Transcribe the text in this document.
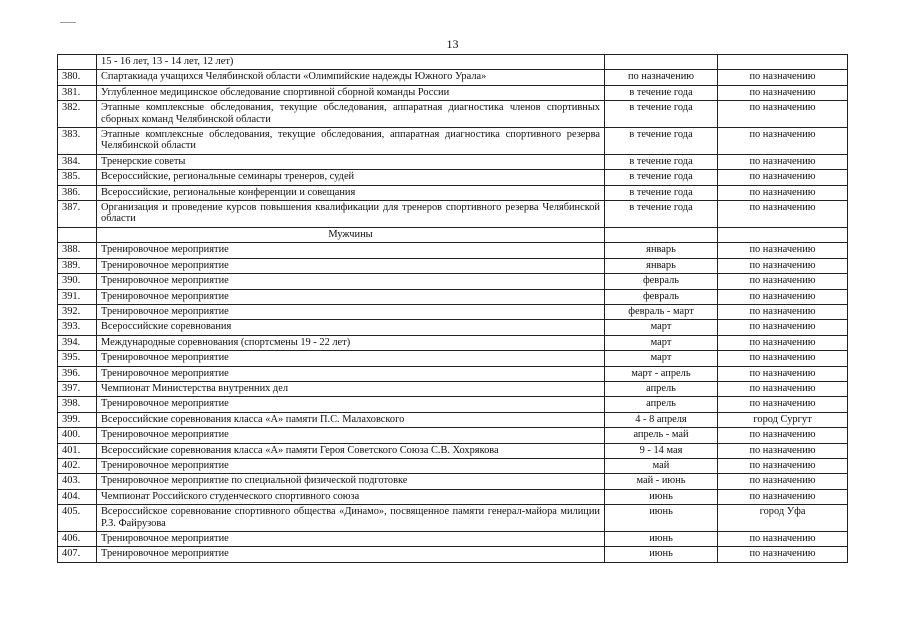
13
	15 - 16 лет, 13 - 14 лет, 12 лет)		
380.	Спартакиада учащихся Челябинской области «Олимпийские надежды Южного Урала»	по назначению	по назначению
381.	Углубленное медицинское обследование спортивной сборной команды России	в течение года	по назначению
382.	Этапные комплексные обследования, текущие обследования, аппаратная диагностика членов спортивных сборных команд Челябинской области	в течение года	по назначению
383.	Этапные комплексные обследования, текущие обследования, аппаратная диагностика спортивного резерва Челябинской области	в течение года	по назначению
384.	Тренерские советы	в течение года	по назначению
385.	Всероссийские, региональные семинары тренеров, судей	в течение года	по назначению
386.	Всероссийские, региональные конференции и совещания	в течение года	по назначению
387.	Организация и проведение курсов повышения квалификации для тренеров спортивного резерва Челябинской области	в течение года	по назначению
	Мужчины		
388.	Тренировочное мероприятие	январь	по назначению
389.	Тренировочное мероприятие	январь	по назначению
390.	Тренировочное мероприятие	февраль	по назначению
391.	Тренировочное мероприятие	февраль	по назначению
392.	Тренировочное мероприятие	февраль - март	по назначению
393.	Всероссийские соревнования	март	по назначению
394.	Международные соревнования (спортсмены 19 - 22 лет)	март	по назначению
395.	Тренировочное мероприятие	март	по назначению
396.	Тренировочное мероприятие	март - апрель	по назначению
397.	Чемпионат Министерства внутренних дел	апрель	по назначению
398.	Тренировочное мероприятие	апрель	по назначению
399.	Всероссийские соревнования класса «А» памяти П.С. Малаховского	4 - 8 апреля	город Сургут
400.	Тренировочное мероприятие	апрель - май	по назначению
401.	Всероссийские соревнования класса «А» памяти Героя Советского Союза С.В. Хохрякова	9 - 14 мая	по назначению
402.	Тренировочное мероприятие	май	по назначению
403.	Тренировочное мероприятие по специальной физической подготовке	май - июнь	по назначению
404.	Чемпионат Российского студенческого спортивного союза	июнь	по назначению
405.	Всероссийское соревнование спортивного общества «Динамо», посвященное памяти генерал-майора милиции Р.З. Файрузова	июнь	город Уфа
406.	Тренировочное мероприятие	июнь	по назначению
407.	Тренировочное мероприятие	июнь	по назначению
